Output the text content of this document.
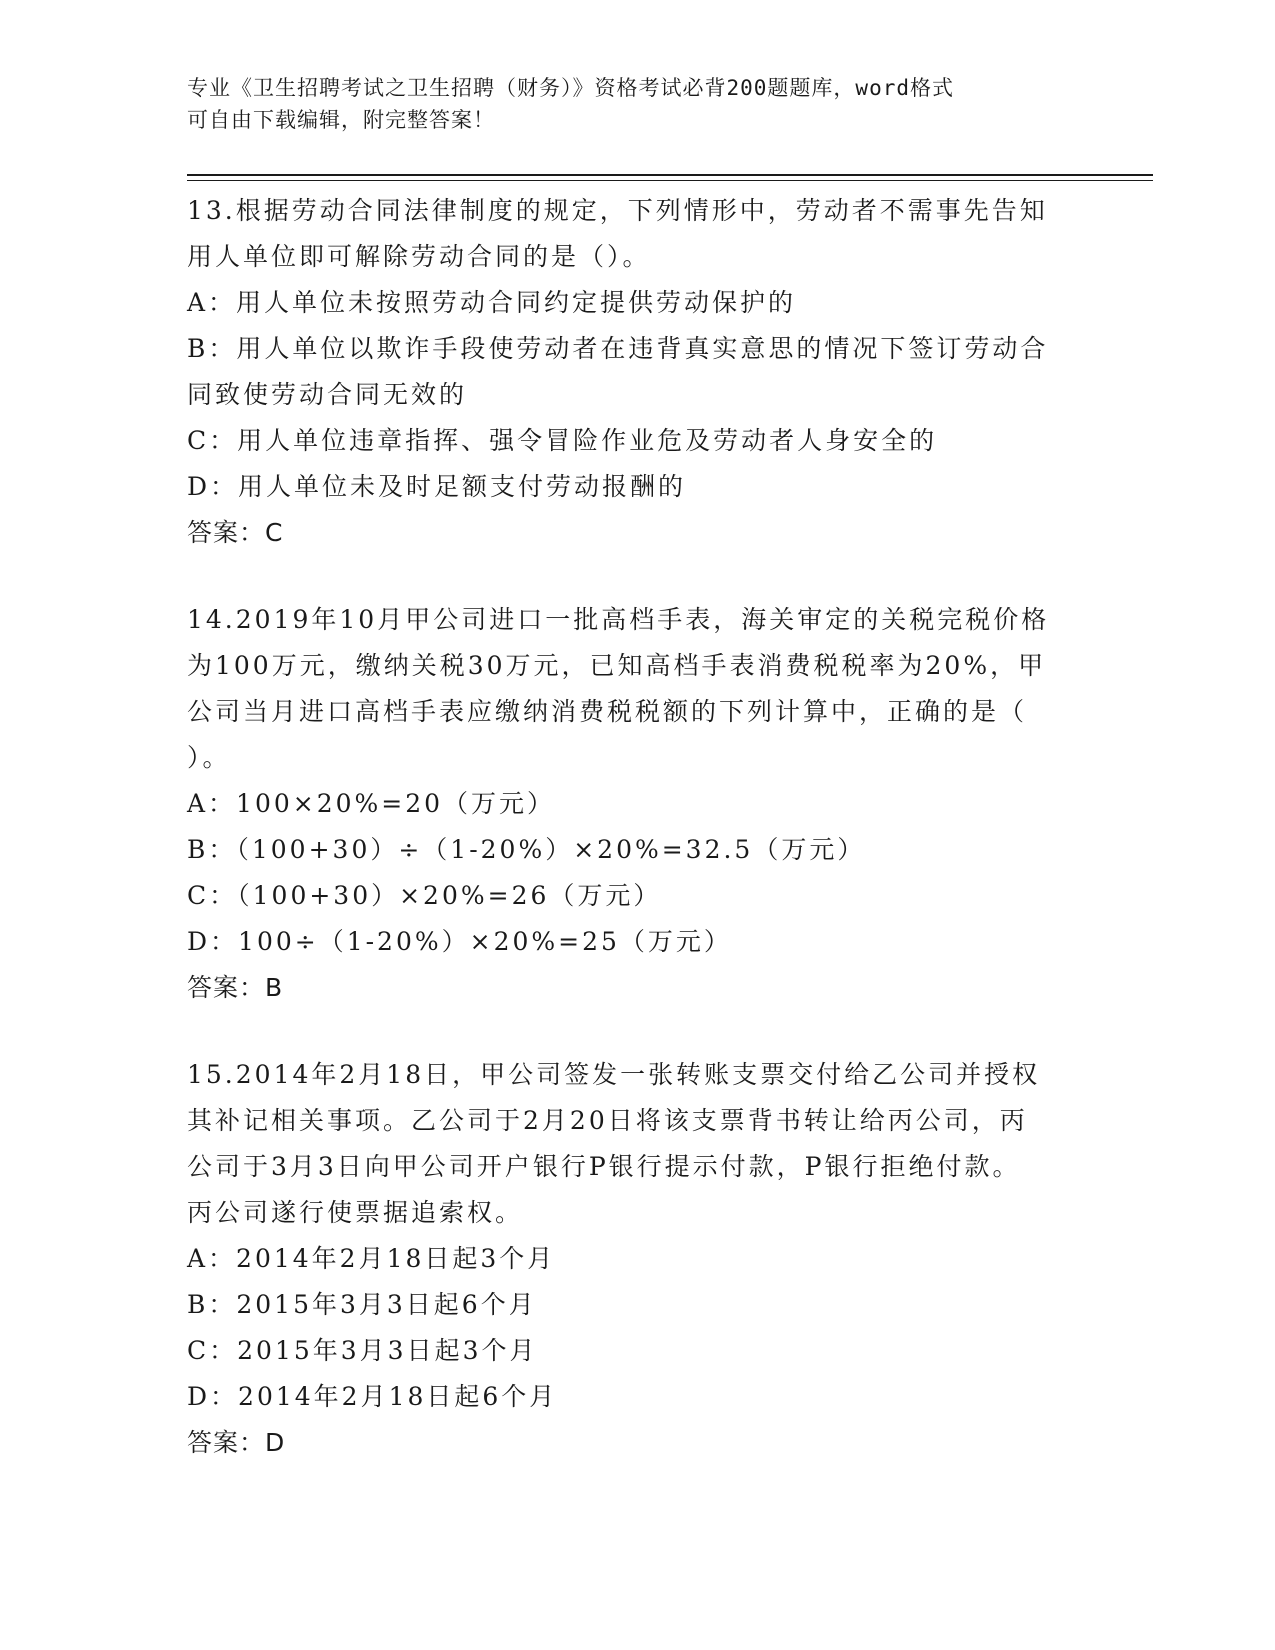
专业《卫生招聘考试之卫生招聘（财务）》资格考试必背200题题库，word格式
可自由下载编辑，附完整答案！

13.根据劳动合同法律制度的规定，下列情形中，劳动者不需事先告知

用人单位即可解除劳动合同的是（）。

A：用人单位未按照劳动合同约定提供劳动保护的

B：用人单位以欺诈手段使劳动者在违背真实意思的情况下签订劳动合

同致使劳动合同无效的

C：用人单位违章指挥、强令冒险作业危及劳动者人身安全的

D：用人单位未及时足额支付劳动报酬的

答案：C

14.2019年10月甲公司进口一批高档手表，海关审定的关税完税价格

为100万元，缴纳关税30万元，已知高档手表消费税税率为20%，甲

公司当月进口高档手表应缴纳消费税税额的下列计算中，正确的是（

）。

A：100×20%=20（万元）

B：（100+30）÷（1-20%）×20%=32.5（万元）

C：（100+30）×20%=26（万元）

D：100÷（1-20%）×20%=25（万元）

答案：B

15.2014年2月18日，甲公司签发一张转账支票交付给乙公司并授权

其补记相关事项。乙公司于2月20日将该支票背书转让给丙公司，丙

公司于3月3日向甲公司开户银行P银行提示付款，P银行拒绝付款。

丙公司遂行使票据追索权。

A：2014年2月18日起3个月

B：2015年3月3日起6个月

C：2015年3月3日起3个月

D：2014年2月18日起6个月

答案：D
